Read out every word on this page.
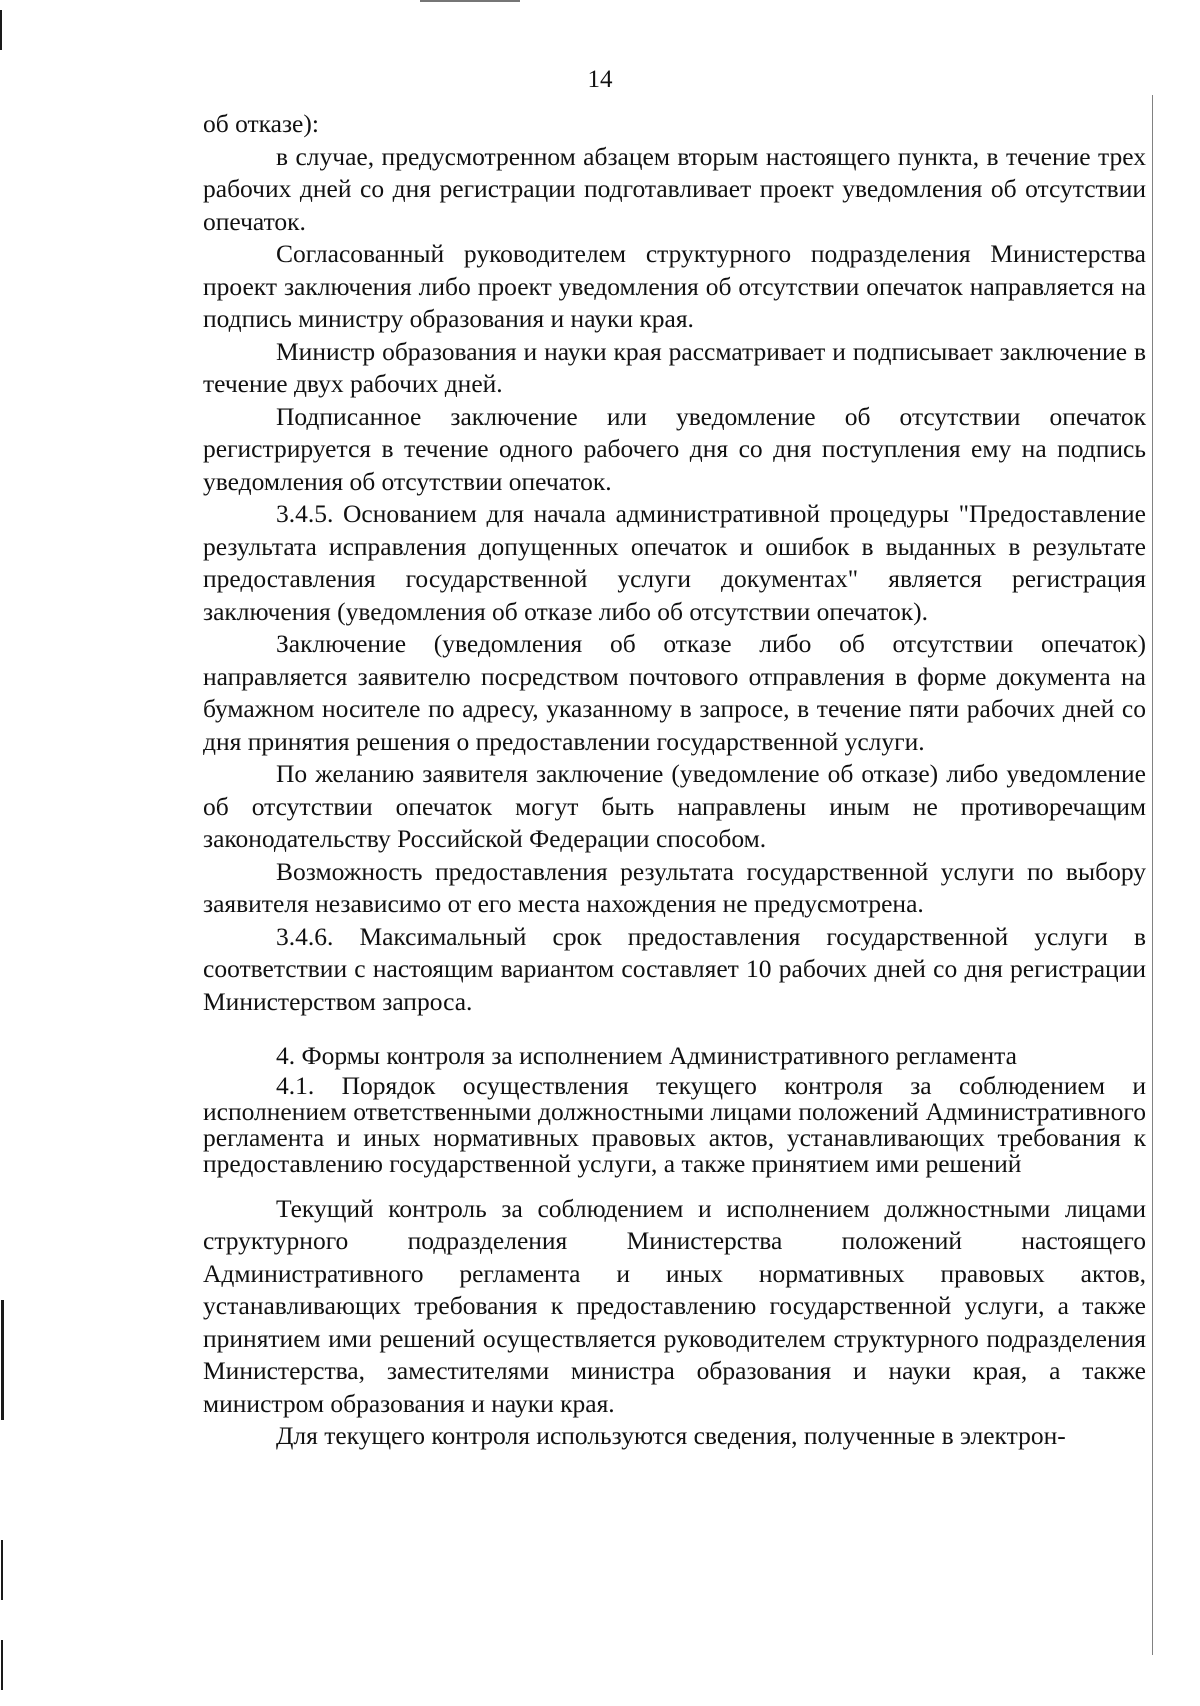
14

об отказе):

в случае, предусмотренном абзацем вторым настоящего пункта, в течение трех рабочих дней со дня регистрации подготавливает проект уведомления об отсутствии опечаток.

Согласованный руководителем структурного подразделения Министерства проект заключения либо проект уведомления об отсутствии опечаток направляется на подпись министру образования и науки края.

Министр образования и науки края рассматривает и подписывает заключение в течение двух рабочих дней.

Подписанное заключение или уведомление об отсутствии опечаток регистрируется в течение одного рабочего дня со дня поступления ему на подпись уведомления об отсутствии опечаток.

3.4.5. Основанием для начала административной процедуры "Предоставление результата исправления допущенных опечаток и ошибок в выданных в результате предоставления государственной услуги документах" является регистрация заключения (уведомления об отказе либо об отсутствии опечаток).

Заключение (уведомления об отказе либо об отсутствии опечаток) направляется заявителю посредством почтового отправления в форме документа на бумажном носителе по адресу, указанному в запросе, в течение пяти рабочих дней со дня принятия решения о предоставлении государственной услуги.

По желанию заявителя заключение (уведомление об отказе) либо уведомление об отсутствии опечаток могут быть направлены иным не противоречащим законодательству Российской Федерации способом.

Возможность предоставления результата государственной услуги по выбору заявителя независимо от его места нахождения не предусмотрена.

3.4.6. Максимальный срок предоставления государственной услуги в соответствии с настоящим вариантом составляет 10 рабочих дней со дня регистрации Министерством запроса.

4. Формы контроля за исполнением Административного регламента

4.1. Порядок осуществления текущего контроля за соблюдением и исполнением ответственными должностными лицами положений Административного регламента и иных нормативных правовых актов, устанавливающих требования к предоставлению государственной услуги, а также принятием ими решений

Текущий контроль за соблюдением и исполнением должностными лицами структурного подразделения Министерства положений настоящего Административного регламента и иных нормативных правовых актов, устанавливающих требования к предоставлению государственной услуги, а также принятием ими решений осуществляется руководителем структурного подразделения Министерства, заместителями министра образования и науки края, а также министром образования и науки края.

Для текущего контроля используются сведения, полученные в электрон-
